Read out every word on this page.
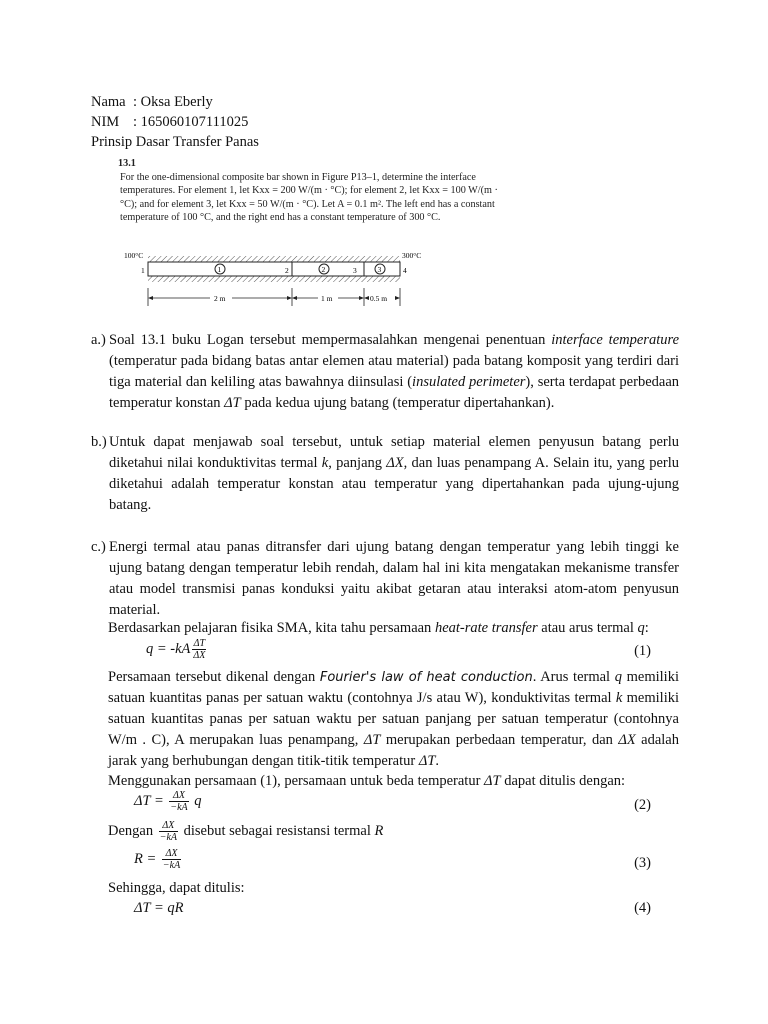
Nama : Oksa Eberly
NIM : 165060107111025
Prinsip Dasar Transfer Panas
13.1

For the one-dimensional composite bar shown in Figure P13–1, determine the interface temperatures. For element 1, let Kxx = 200 W/(m · °C); for element 2, let Kxx = 100 W/(m · °C); and for element 3, let Kxx = 50 W/(m · °C). Let A = 0.1 m². The left end has a constant temperature of 100 °C, and the right end has a constant temperature of 300 °C.

100°C	300°C
1	2	3	4
1	2	3
2 m	1 m	0.5 m
a.) Soal 13.1 buku Logan tersebut mempermasalahkan mengenai penentuan interface temperature (temperatur pada bidang batas antar elemen atau material) pada batang komposit yang terdiri dari tiga material dan keliling atas bawahnya diinsulasi (insulated perimeter), serta terdapat perbedaan temperatur konstan ΔT pada kedua ujung batang (temperatur dipertahankan).
b.) Untuk dapat menjawab soal tersebut, untuk setiap material elemen penyusun batang perlu diketahui nilai konduktivitas termal k, panjang ΔX, dan luas penampang A. Selain itu, yang perlu diketahui adalah temperatur konstan atau temperatur yang dipertahankan pada ujung-ujung batang.
c.) Energi termal atau panas ditransfer dari ujung batang dengan temperatur yang lebih tinggi ke ujung batang dengan temperatur lebih rendah, dalam hal ini kita mengatakan mekanisme transfer atau model transmisi panas konduksi yaitu akibat getaran atau interaksi atom-atom penyusun material.
Berdasarkan pelajaran fisika SMA, kita tahu persamaan heat-rate transfer atau arus termal q:
$q = -kA \frac{\Delta T}{\Delta X}$	(1)
Persamaan tersebut dikenal dengan Fourier's law of heat conduction. Arus termal q memiliki satuan kuantitas panas per satuan waktu (contohnya J/s atau W), konduktivitas termal k memiliki satuan kuantitas panas per satuan waktu per satuan panjang per satuan temperatur (contohnya W/m . C), A merupakan luas penampang, ΔT merupakan perbedaan temperatur, dan ΔX adalah jarak yang berhubungan dengan titik-titik temperatur ΔT.
Menggunakan persamaan (1), persamaan untuk beda temperatur ΔT dapat ditulis dengan:
$\Delta T = \frac{\Delta X}{-kA}$ q	(2)
Dengan $\frac{\Delta X}{-kA}$ disebut sebagai resistansi termal R
$R = \frac{\Delta X}{-kA}$	(3)
Sehingga, dapat ditulis:
ΔT = qR	(4)
